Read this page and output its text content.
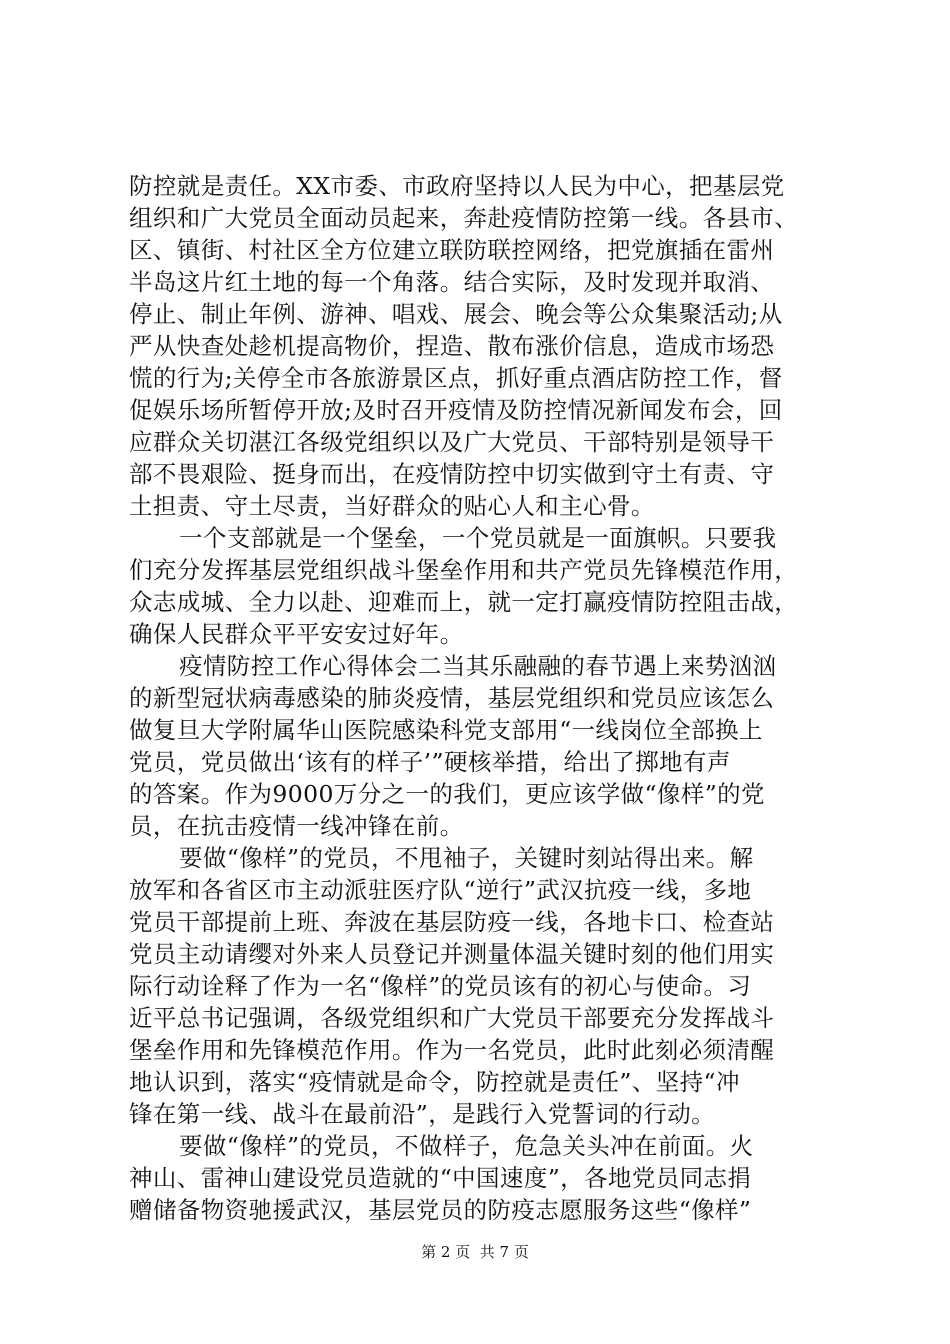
防控就是责任。XX市委、市政府坚持以人民为中心，把基层党
组织和广大党员全面动员起来，奔赴疫情防控第一线。各县市、
区、镇街、村社区全方位建立联防联控网络，把党旗插在雷州
半岛这片红土地的每一个角落。结合实际，及时发现并取消、
停止、制止年例、游神、唱戏、展会、晚会等公众集聚活动;从
严从快查处趁机提高物价，捏造、散布涨价信息，造成市场恐
慌的行为;关停全市各旅游景区点，抓好重点酒店防控工作，督
促娱乐场所暂停开放;及时召开疫情及防控情况新闻发布会，回
应群众关切湛江各级党组织以及广大党员、干部特别是领导干
部不畏艰险、挺身而出，在疫情防控中切实做到守土有责、守
土担责、守土尽责，当好群众的贴心人和主心骨。
一个支部就是一个堡垒，一个党员就是一面旗帜。只要我
们充分发挥基层党组织战斗堡垒作用和共产党员先锋模范作用，
众志成城、全力以赴、迎难而上，就一定打赢疫情防控阻击战，
确保人民群众平平安安过好年。
疫情防控工作心得体会二当其乐融融的春节遇上来势汹汹
的新型冠状病毒感染的肺炎疫情，基层党组织和党员应该怎么
做复旦大学附属华山医院感染科党支部用“一线岗位全部换上
党员，党员做出‘该有的样子’”硬核举措，给出了掷地有声
的答案。作为9000万分之一的我们，更应该学做“像样”的党
员，在抗击疫情一线冲锋在前。
要做“像样”的党员，不甩袖子，关键时刻站得出来。解
放军和各省区市主动派驻医疗队“逆行”武汉抗疫一线，多地
党员干部提前上班、奔波在基层防疫一线，各地卡口、检查站
党员主动请缨对外来人员登记并测量体温关键时刻的他们用实
际行动诠释了作为一名“像样”的党员该有的初心与使命。习
近平总书记强调，各级党组织和广大党员干部要充分发挥战斗
堡垒作用和先锋模范作用。作为一名党员，此时此刻必须清醒
地认识到，落实“疫情就是命令，防控就是责任”、坚持“冲
锋在第一线、战斗在最前沿”，是践行入党誓词的行动。
要做“像样”的党员，不做样子，危急关头冲在前面。火
神山、雷神山建设党员造就的“中国速度”，各地党员同志捐
赠储备物资驰援武汉，基层党员的防疫志愿服务这些“像样”
第 2 页  共 7 页
